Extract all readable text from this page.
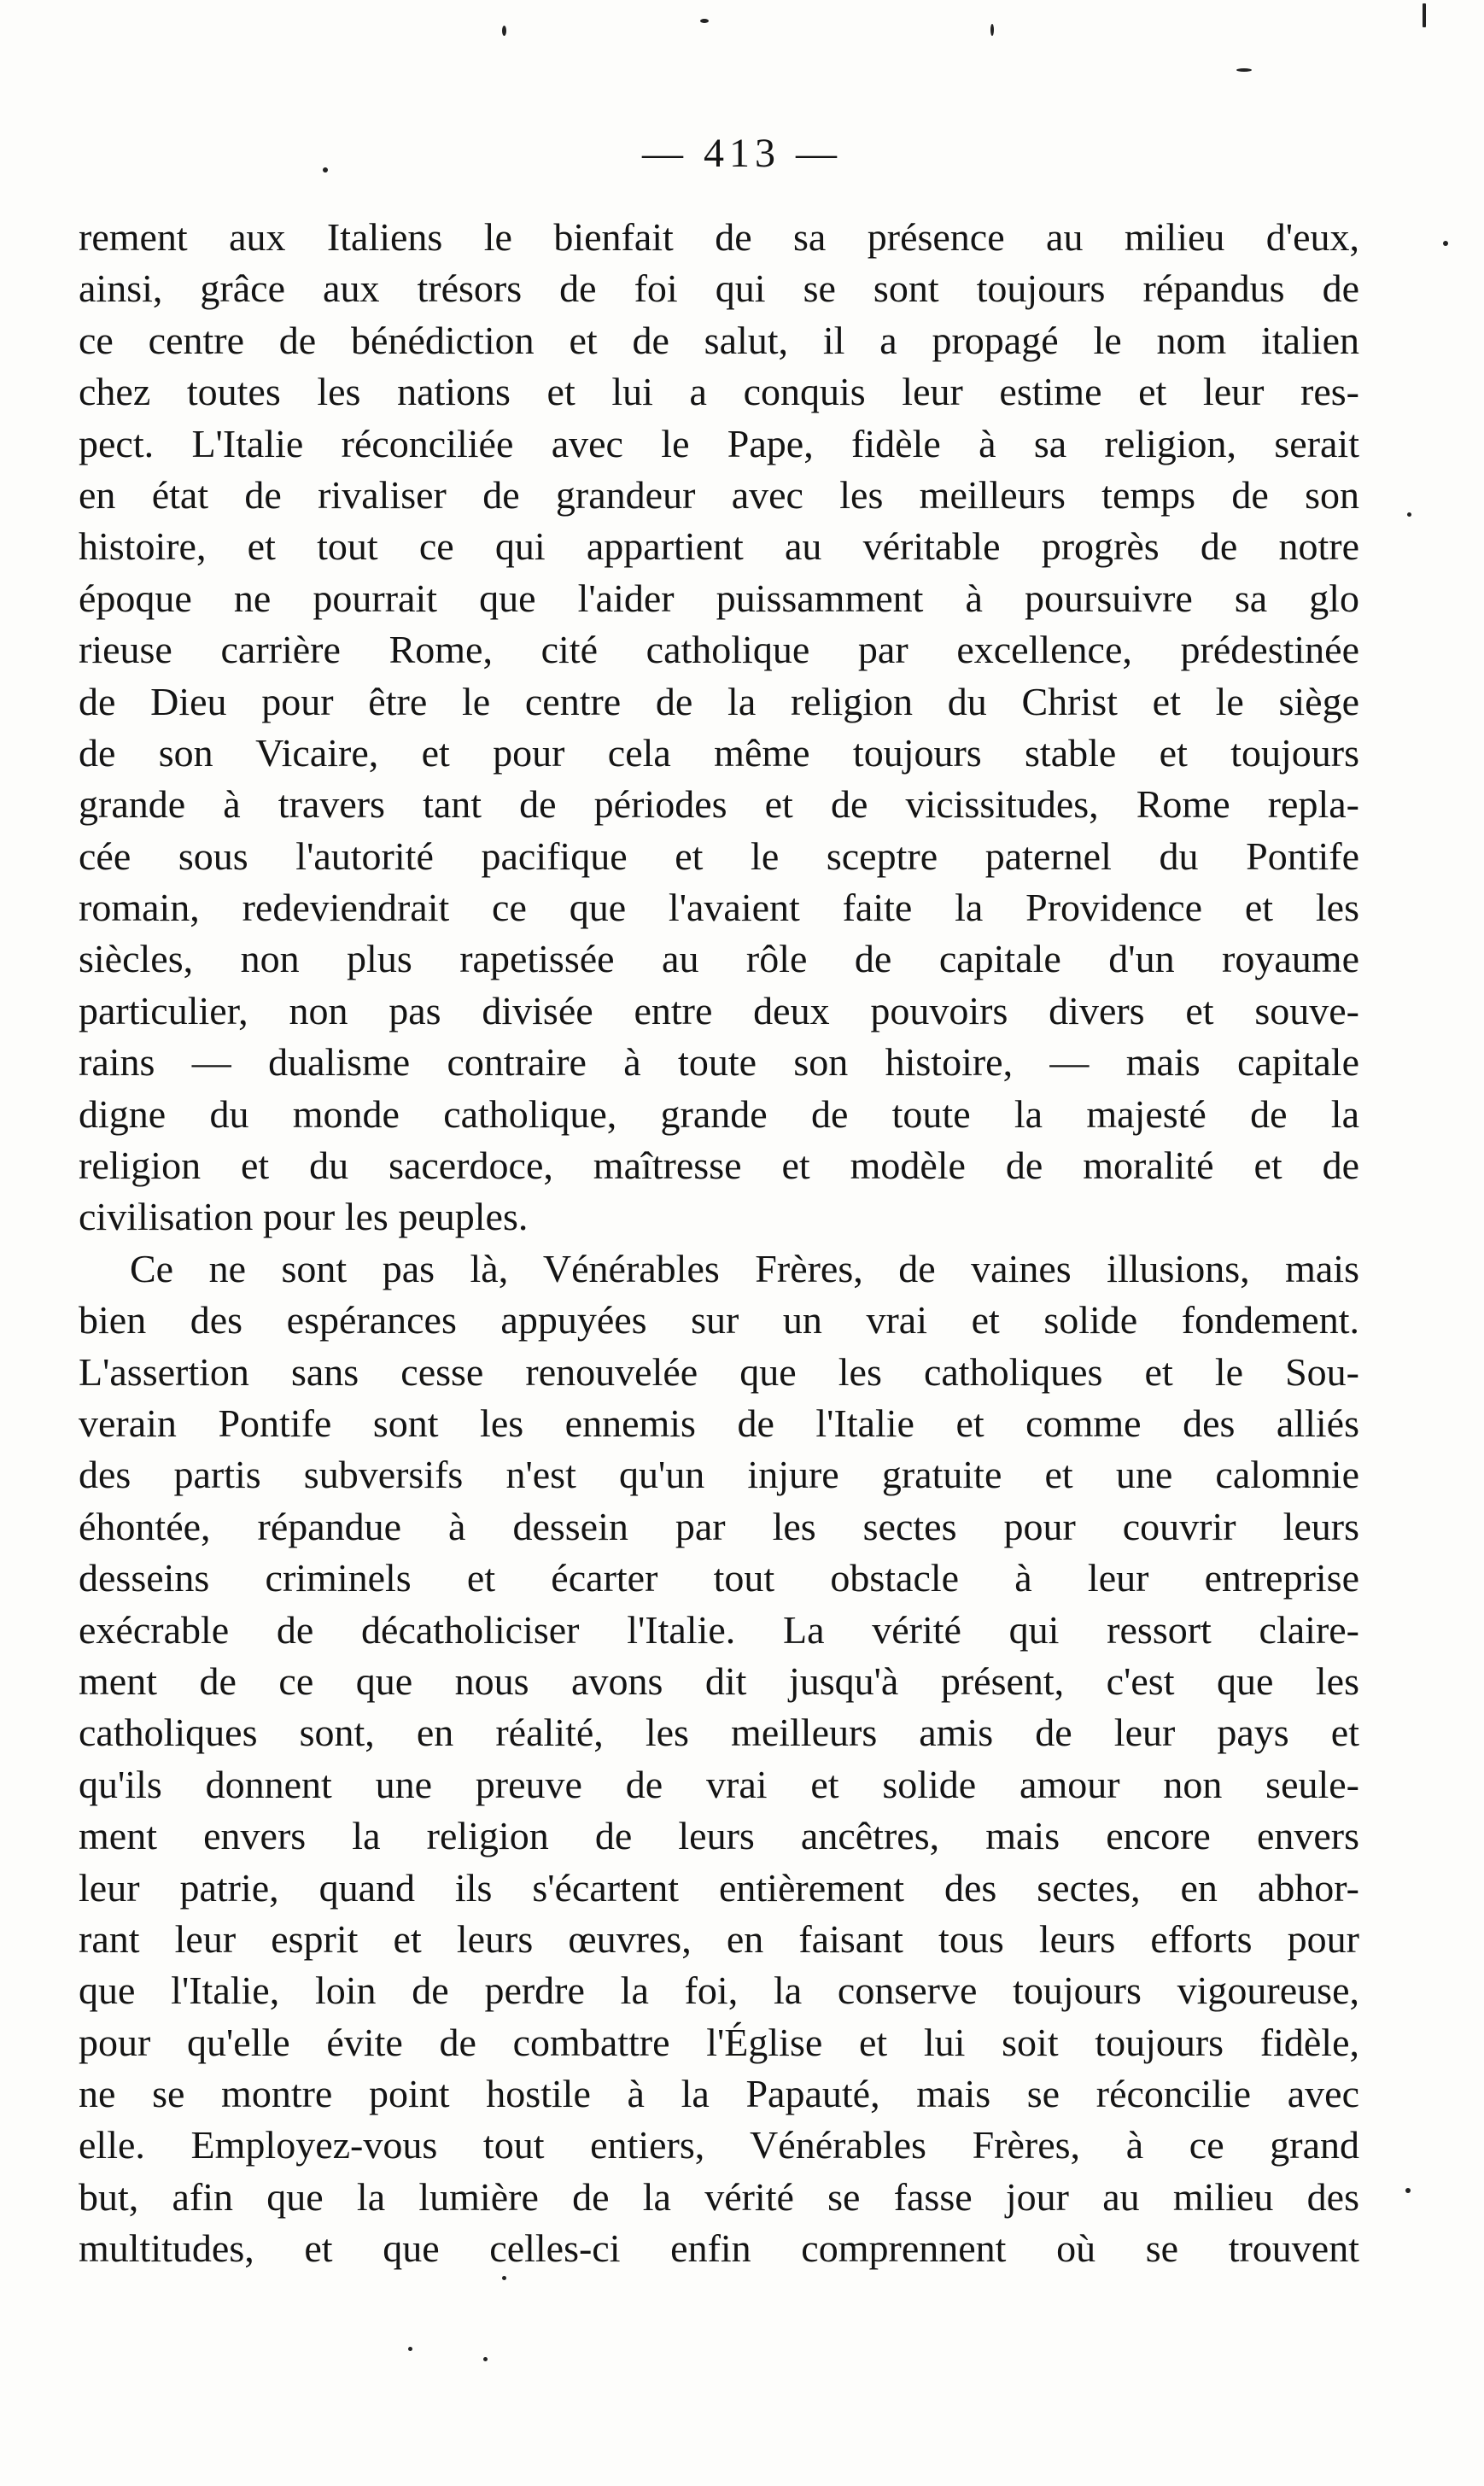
— 413 —
rement aux Italiens le bienfait de sa présence au milieu d'eux,
ainsi, grâce aux trésors de foi qui se sont toujours répandus de
ce centre de bénédiction et de salut, il a propagé le nom italien
chez toutes les nations et lui a conquis leur estime et leur res-
pect. L'Italie réconciliée avec le Pape, fidèle à sa religion, serait
en état de rivaliser de grandeur avec les meilleurs temps de son
histoire, et tout ce qui appartient au véritable progrès de notre
époque ne pourrait que l'aider puissamment à poursuivre sa glo
rieuse carrière Rome, cité catholique par excellence, prédestinée
de Dieu pour être le centre de la religion du Christ et le siège
de son Vicaire, et pour cela même toujours stable et toujours
grande à travers tant de périodes et de vicissitudes, Rome repla-
cée sous l'autorité pacifique et le sceptre paternel du Pontife
romain, redeviendrait ce que l'avaient faite la Providence et les
siècles, non plus rapetissée au rôle de capitale d'un royaume
particulier, non pas divisée entre deux pouvoirs divers et souve-
rains — dualisme contraire à toute son histoire, — mais capitale
digne du monde catholique, grande de toute la majesté de la
religion et du sacerdoce, maîtresse et modèle de moralité et de
civilisation pour les peuples.
Ce ne sont pas là, Vénérables Frères, de vaines illusions, mais
bien des espérances appuyées sur un vrai et solide fondement.
L'assertion sans cesse renouvelée que les catholiques et le Sou-
verain Pontife sont les ennemis de l'Italie et comme des alliés
des partis subversifs n'est qu'un injure gratuite et une calomnie
éhontée, répandue à dessein par les sectes pour couvrir leurs
desseins criminels et écarter tout obstacle à leur entreprise
exécrable de décatholiciser l'Italie. La vérité qui ressort claire-
ment de ce que nous avons dit jusqu'à présent, c'est que les
catholiques sont, en réalité, les meilleurs amis de leur pays et
qu'ils donnent une preuve de vrai et solide amour non seule-
ment envers la religion de leurs ancêtres, mais encore envers
leur patrie, quand ils s'écartent entièrement des sectes, en abhor-
rant leur esprit et leurs œuvres, en faisant tous leurs efforts pour
que l'Italie, loin de perdre la foi, la conserve toujours vigoureuse,
pour qu'elle évite de combattre l'Église et lui soit toujours fidèle,
ne se montre point hostile à la Papauté, mais se réconcilie avec
elle. Employez-vous tout entiers, Vénérables Frères, à ce grand
but, afin que la lumière de la vérité se fasse jour au milieu des
multitudes, et que celles-ci enfin comprennent où se trouvent
